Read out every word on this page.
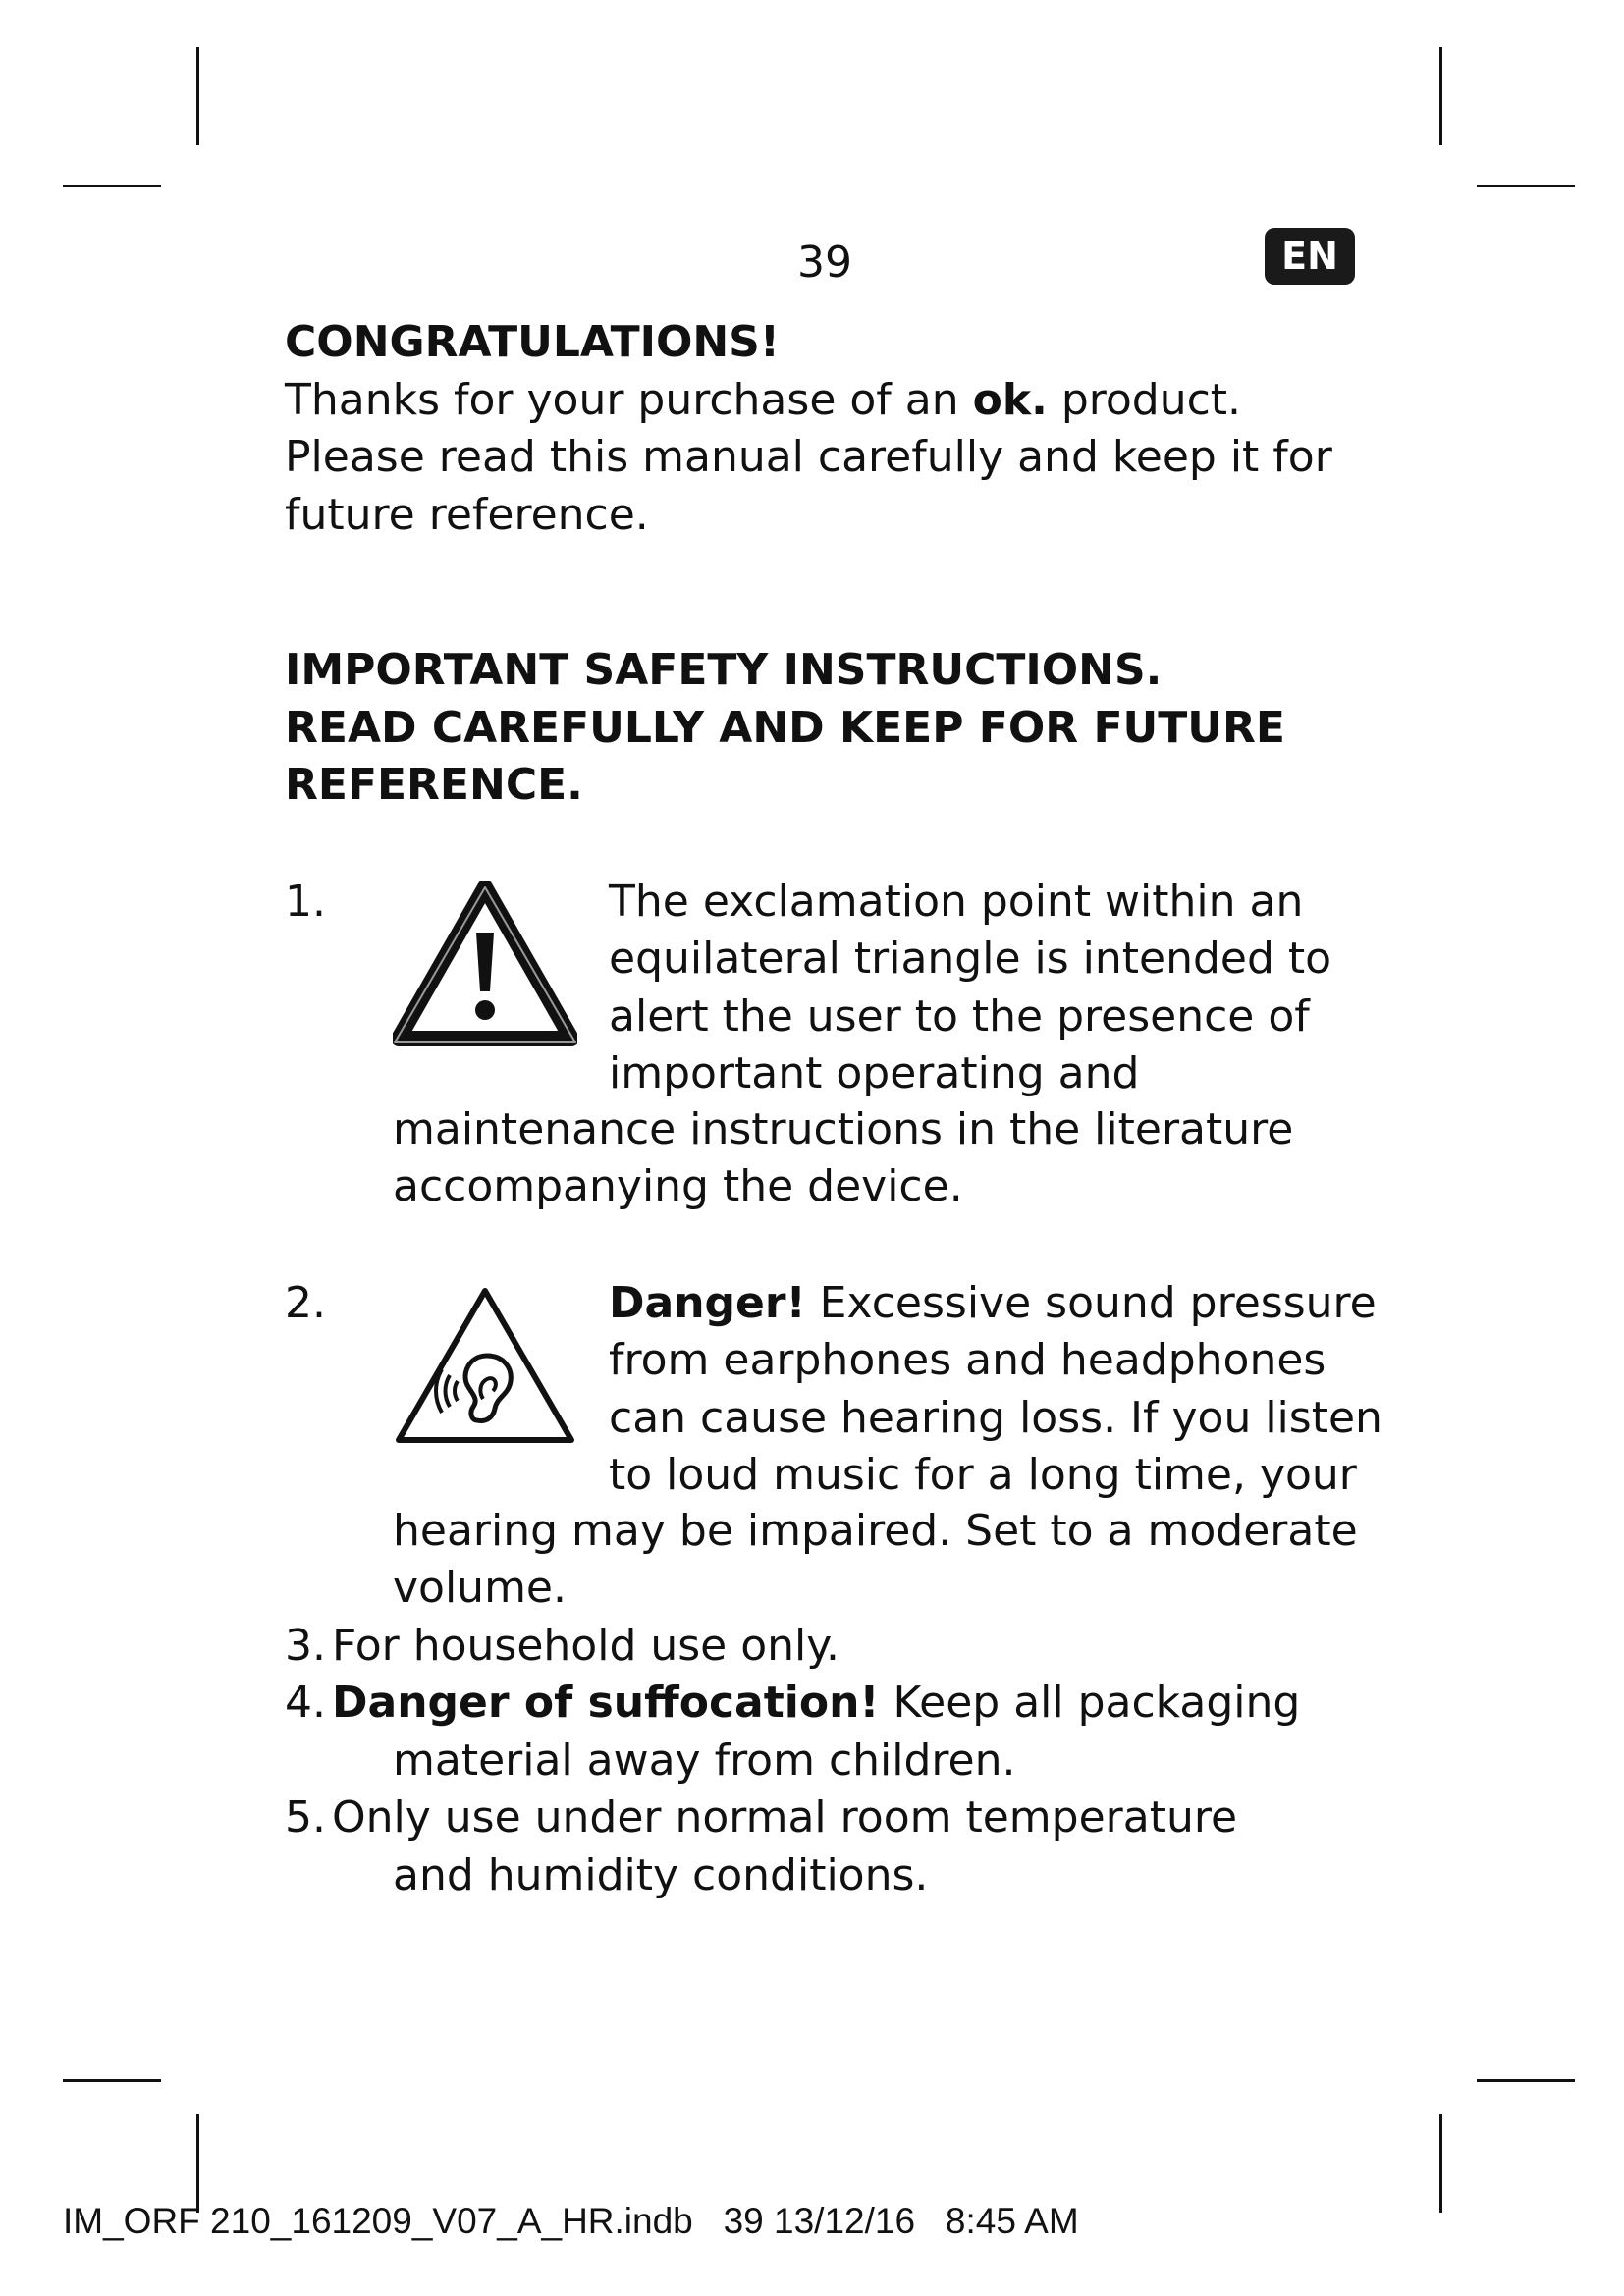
39	EN

CONGRATULATIONS!

Thanks for your purchase of an ok. product.

Please read this manual carefully and keep it for

future reference.

IMPORTANT SAFETY INSTRUCTIONS.

READ CAREFULLY AND KEEP FOR FUTURE

REFERENCE.

1.	The exclamation point within an

equilateral triangle is intended to

alert the user to the presence of

important operating and

maintenance instructions in the literature

accompanying the device.

2.	Danger! Excessive sound pressure

from earphones and headphones

can cause hearing loss. If you listen

to loud music for a long time, your

hearing may be impaired. Set to a moderate

volume.

3. For household use only.
4. Danger of suffocation! Keep all packaging
material away from children.
5. Only use under normal room temperature
and humidity conditions.
IM_ORF 210_161209_V07_A_HR.indb   39 13/12/16   8:45 AM
